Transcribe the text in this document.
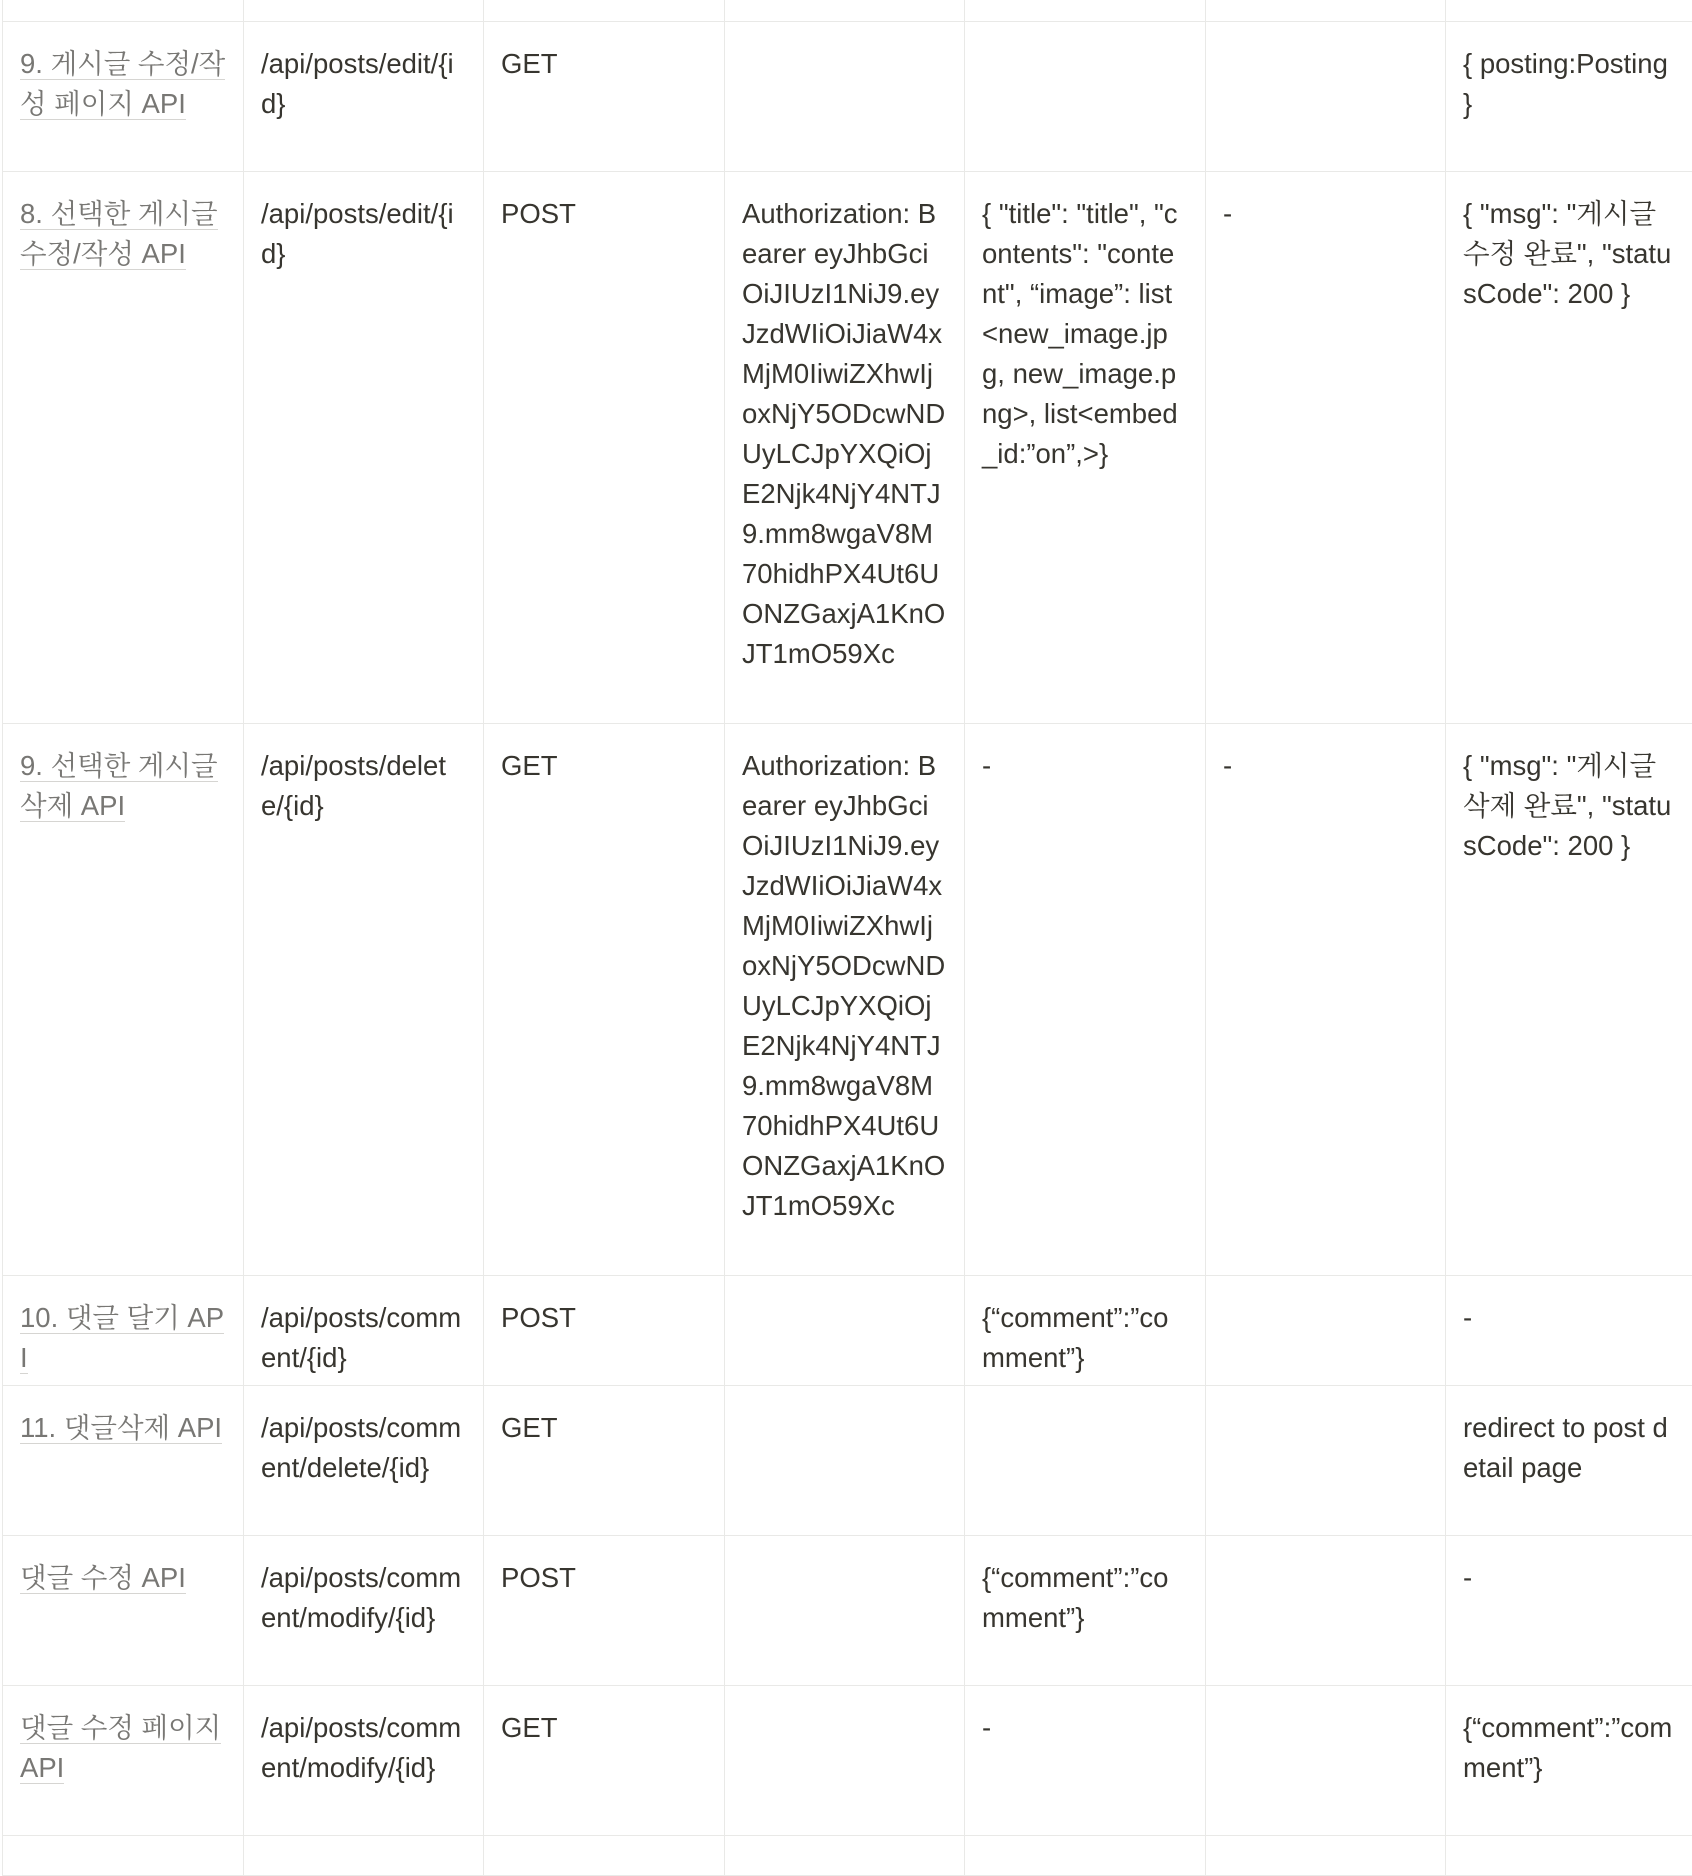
9. 게시글 수정/작성 페이지 API	/api/posts/edit/{id}	GET				{ posting:Posting }
8. 선택한 게시글 수정/작성 API	/api/posts/edit/{id}	POST	Authorization: Bearer eyJhbGciOiJIUzI1NiJ9.eyJzdWIiOiJiaW4xMjM0IiwiZXhwIjoxNjY5ODcwNDUyLCJpYXQiOjE2Njk4NjY4NTJ9.mm8wgaV8M70hidhPX4Ut6UONZGaxjA1KnOJT1mO59Xc	{ "title": "title", "contents": "content", “image”: list<new_image.jpg, new_image.png>, list<embed_id:”on”,>}	-	{ "msg": "게시글 수정 완료", "statusCode": 200 }
9. 선택한 게시글 삭제 API	/api/posts/delete/{id}	GET	Authorization: Bearer eyJhbGciOiJIUzI1NiJ9.eyJzdWIiOiJiaW4xMjM0IiwiZXhwIjoxNjY5ODcwNDUyLCJpYXQiOjE2Njk4NjY4NTJ9.mm8wgaV8M70hidhPX4Ut6UONZGaxjA1KnOJT1mO59Xc	-	-	{ "msg": "게시글 삭제 완료", "statusCode": 200 }
10. 댓글 달기 API	/api/posts/comment/{id}	POST		{“comment”:”comment”}		-
11. 댓글삭제 API	/api/posts/comment/delete/{id}	GET				redirect to post detail page
댓글 수정 API	/api/posts/comment/modify/{id}	POST		{“comment”:”comment”}		-
댓글 수정 페이지 API	/api/posts/comment/modify/{id}	GET		-		{“comment”:”comment”}
